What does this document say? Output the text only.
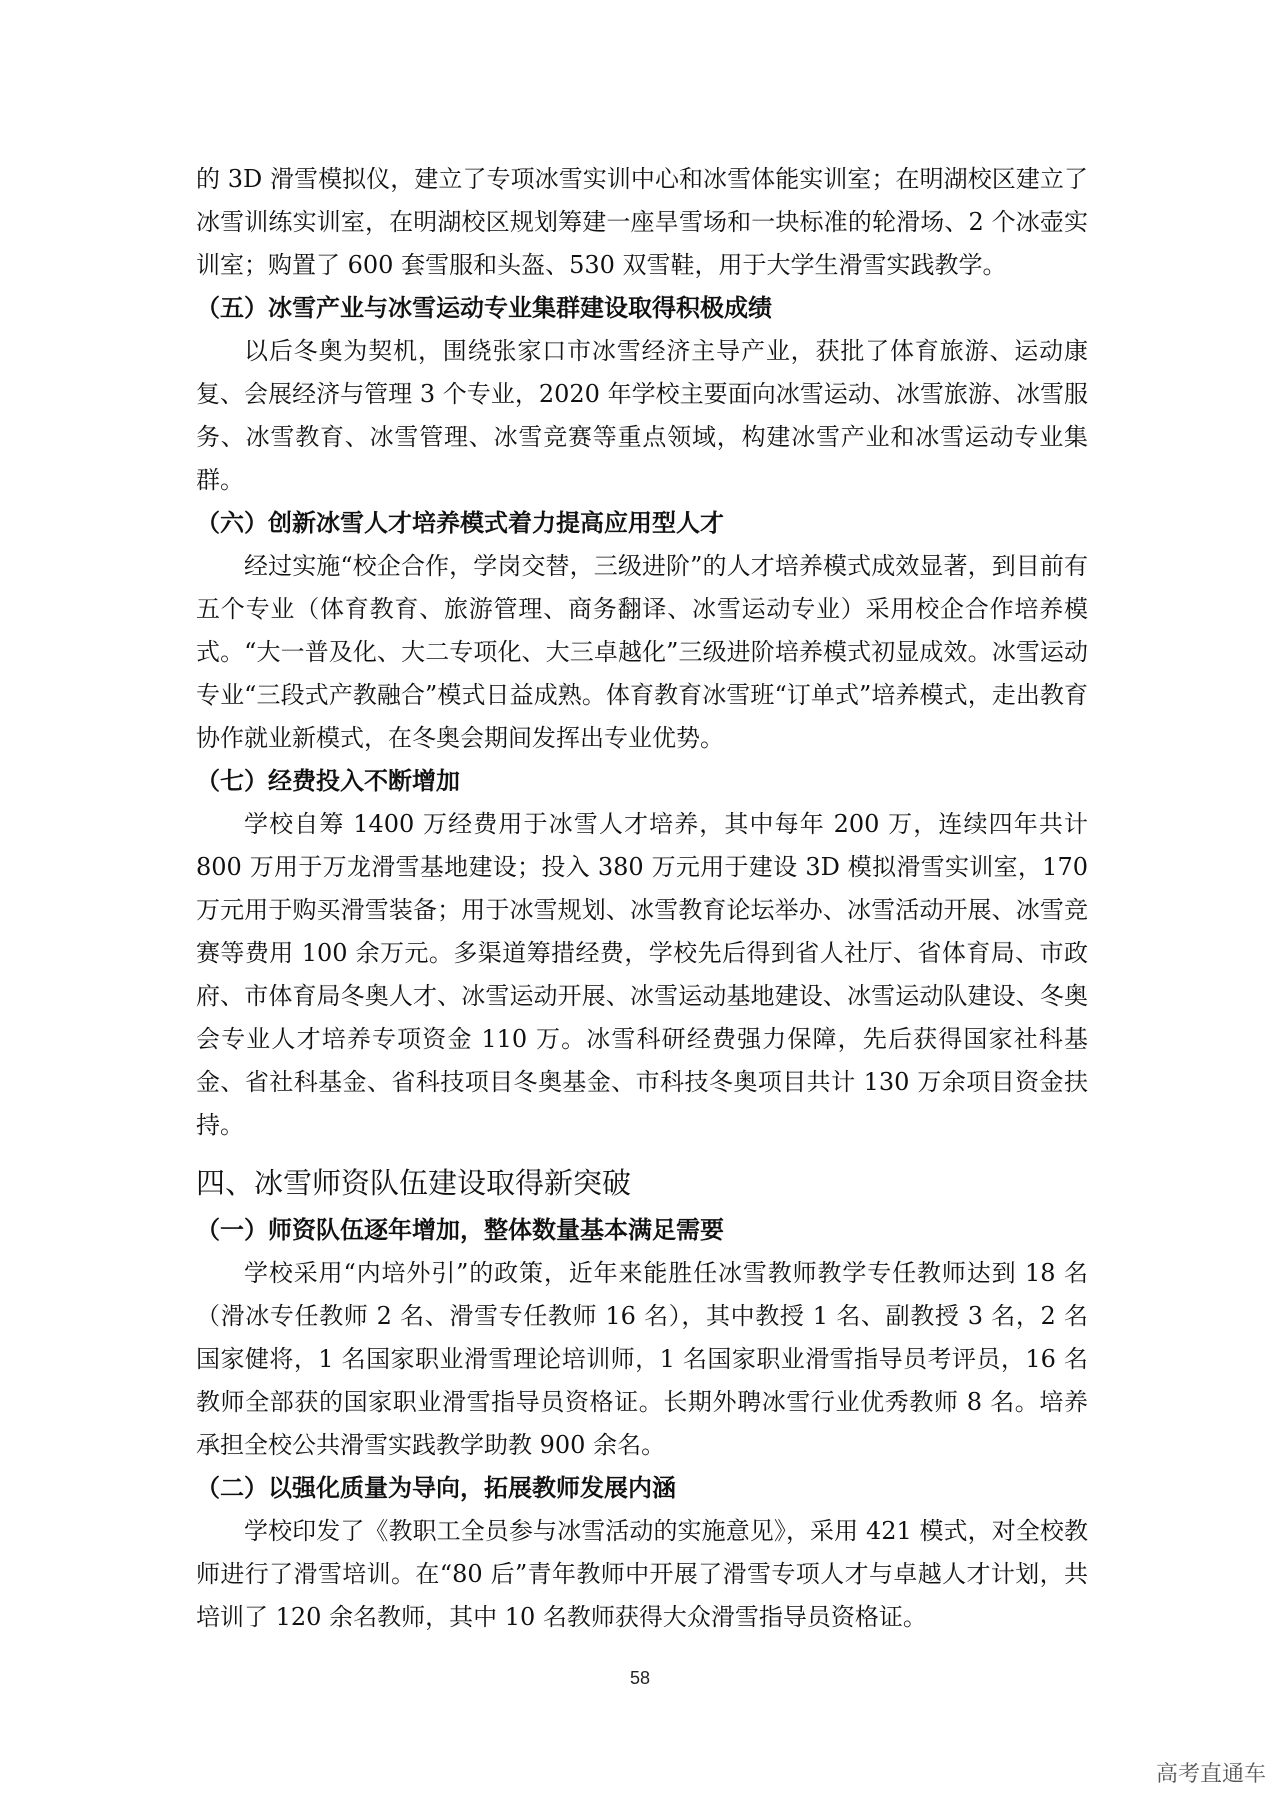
的 3D 滑雪模拟仪，建立了专项冰雪实训中心和冰雪体能实训室；在明湖校区建立了冰雪训练实训室，在明湖校区规划筹建一座旱雪场和一块标准的轮滑场、2 个冰壶实训室；购置了 600 套雪服和头盔、530 双雪鞋，用于大学生滑雪实践教学。

（五）冰雪产业与冰雪运动专业集群建设取得积极成绩

以后冬奥为契机，围绕张家口市冰雪经济主导产业，获批了体育旅游、运动康复、会展经济与管理 3 个专业，2020 年学校主要面向冰雪运动、冰雪旅游、冰雪服务、冰雪教育、冰雪管理、冰雪竞赛等重点领域，构建冰雪产业和冰雪运动专业集群。

（六）创新冰雪人才培养模式着力提高应用型人才

经过实施“校企合作，学岗交替，三级进阶”的人才培养模式成效显著，到目前有五个专业（体育教育、旅游管理、商务翻译、冰雪运动专业）采用校企合作培养模式。“大一普及化、大二专项化、大三卓越化”三级进阶培养模式初显成效。冰雪运动专业“三段式产教融合”模式日益成熟。体育教育冰雪班“订单式”培养模式，走出教育协作就业新模式，在冬奥会期间发挥出专业优势。

（七）经费投入不断增加

学校自筹 1400 万经费用于冰雪人才培养，其中每年 200 万，连续四年共计 800 万用于万龙滑雪基地建设；投入 380 万元用于建设 3D 模拟滑雪实训室，170 万元用于购买滑雪装备；用于冰雪规划、冰雪教育论坛举办、冰雪活动开展、冰雪竞赛等费用 100 余万元。多渠道筹措经费，学校先后得到省人社厅、省体育局、市政府、市体育局冬奥人才、冰雪运动开展、冰雪运动基地建设、冰雪运动队建设、冬奥会专业人才培养专项资金 110 万。冰雪科研经费强力保障，先后获得国家社科基金、省社科基金、省科技项目冬奥基金、市科技冬奥项目共计 130 万余项目资金扶持。

四、冰雪师资队伍建设取得新突破
（一）师资队伍逐年增加，整体数量基本满足需要

学校采用“内培外引”的政策，近年来能胜任冰雪教师教学专任教师达到 18 名（滑冰专任教师 2 名、滑雪专任教师 16 名），其中教授 1 名、副教授 3 名，2 名国家健将，1 名国家职业滑雪理论培训师，1 名国家职业滑雪指导员考评员，16 名教师全部获的国家职业滑雪指导员资格证。长期外聘冰雪行业优秀教师 8 名。培养承担全校公共滑雪实践教学助教 900 余名。

（二）以强化质量为导向，拓展教师发展内涵

学校印发了《教职工全员参与冰雪活动的实施意见》，采用 421 模式，对全校教师进行了滑雪培训。在“80 后”青年教师中开展了滑雪专项人才与卓越人才计划，共培训了 120 余名教师，其中 10 名教师获得大众滑雪指导员资格证。

58
高考直通车
